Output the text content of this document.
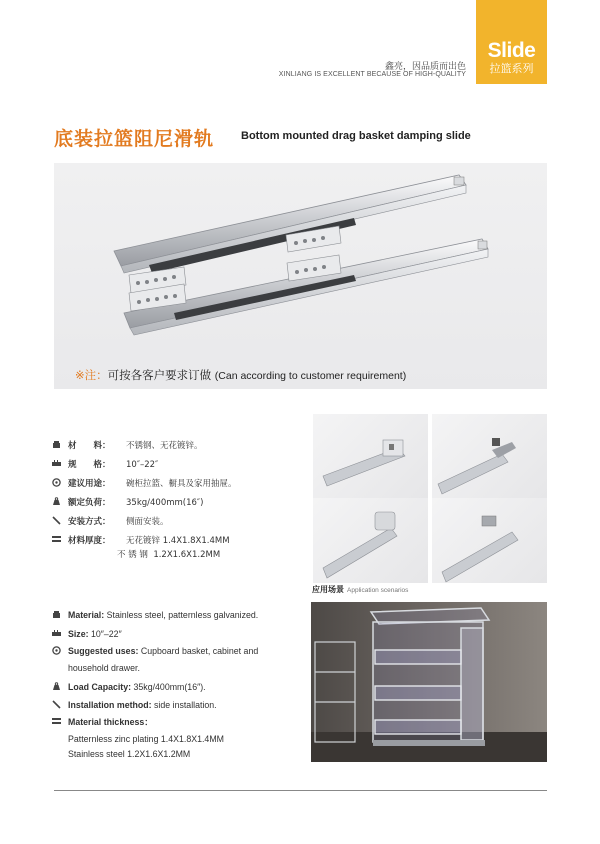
Slide
拉篮系列
鑫亮，因品质而出色
XINLIANG IS EXCELLENT BECAUSE OF HIGH-QUALITY
底装拉篮阻尼滑轨 Bottom mounted drag basket damping slide
※注：可按各客户要求订做 (Can according to customer requirement)
材　　料： 不锈钢、无花镀锌。
规　　格： 10″–22″
建议用途： 碗柜拉篮、橱具及家用抽屉。
额定负荷： 35kg/400mm(16″)
安装方式： 侧面安装。
材料厚度： 无花镀锌 1.4X1.8X1.4MM
不 锈 钢 1.2X1.6X1.2MM
Material: Stainless steel, patternless galvanized.
Size: 10″–22″
Suggested uses: Cupboard basket, cabinet and
household drawer.
Load Capacity: 35kg/400mm(16″).
Installation method: side installation.
Material thickness：
Patternless zinc plating 1.4X1.8X1.4MM
Stainless steel 1.2X1.6X1.2MM
应用场景 Application scenarios
